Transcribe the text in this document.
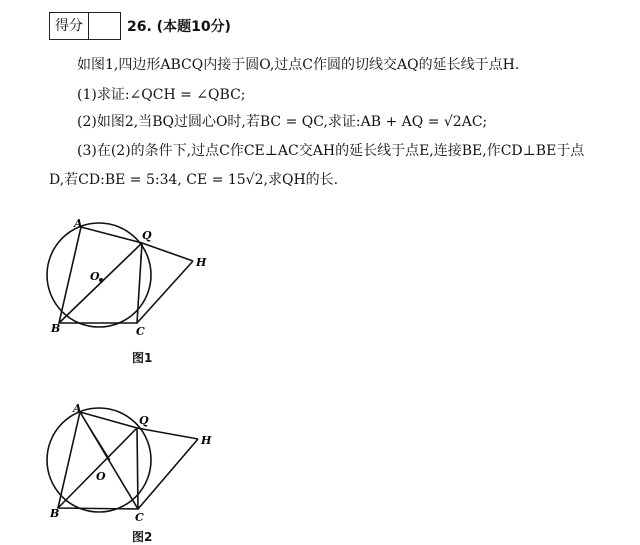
得分	26. (本题10分)
如图1,四边形ABCQ内接于圆O,过点C作圆的切线交AQ的延长线于点H.
(1)求证:∠QCH = ∠QBC;
(2)如图2,当BQ过圆心O时,若BC = QC,求证:AB + AQ = √2AC;
(3)在(2)的条件下,过点C作CE⊥AC交AH的延长线于点E,连接BE,作CD⊥BE于点
D,若CD:BE = 5:34, CE = 15√2,求QH的长.
A
Q
H
O
B	C
图1
A
Q
H
O
B	C
图2
